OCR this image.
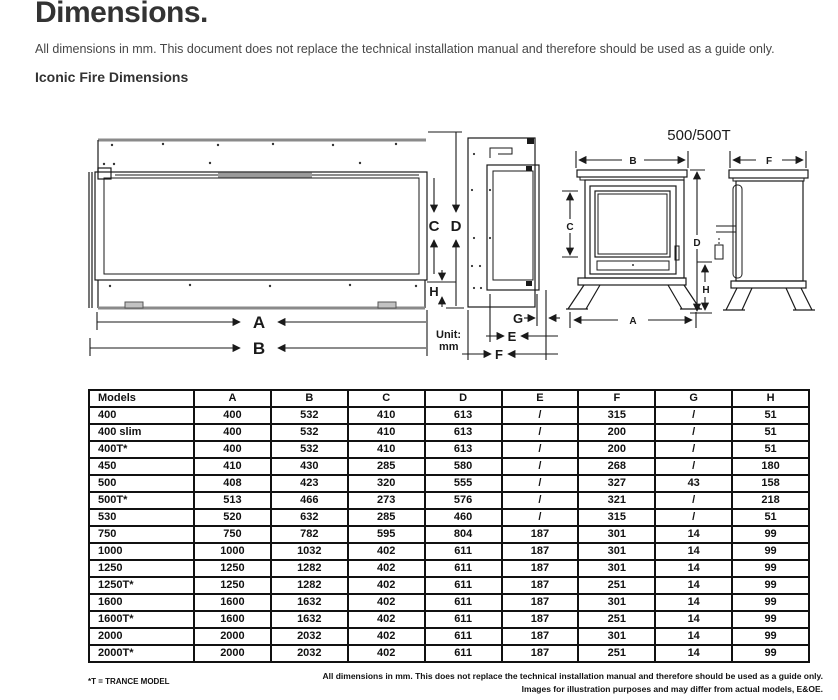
Dimensions.
All dimensions in mm. This document does not replace the technical installation manual and therefore should be used as a guide only.
Iconic Fire Dimensions
C D
H
A
B
Unit:
mm
G
E
F
500/500T
B
C
D
H
A
F
Models	A	B	C	D	E	F	G	H
400	400	532	410	613	/	315	/	51
400 slim	400	532	410	613	/	200	/	51
400T*	400	532	410	613	/	200	/	51
450	410	430	285	580	/	268	/	180
500	408	423	320	555	/	327	43	158
500T*	513	466	273	576	/	321	/	218
530	520	632	285	460	/	315	/	51
750	750	782	595	804	187	301	14	99
1000	1000	1032	402	611	187	301	14	99
1250	1250	1282	402	611	187	301	14	99
1250T*	1250	1282	402	611	187	251	14	99
1600	1600	1632	402	611	187	301	14	99
1600T*	1600	1632	402	611	187	251	14	99
2000	2000	2032	402	611	187	301	14	99
2000T*	2000	2032	402	611	187	251	14	99
*T = TRANCE MODEL
All dimensions in mm. This does not replace the technical installation manual and therefore should be used as a guide only.
Images for illustration purposes and may differ from actual models, E&OE.
